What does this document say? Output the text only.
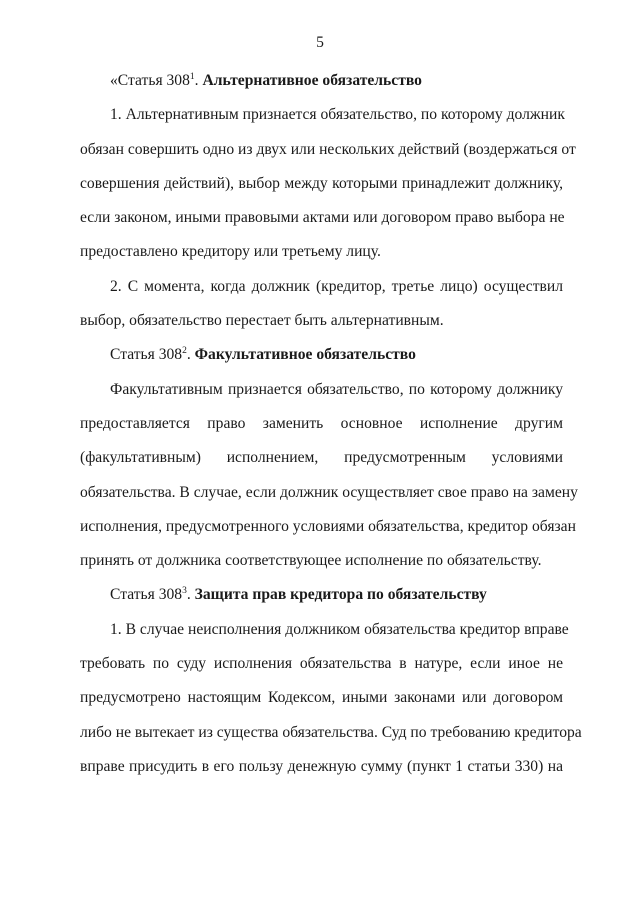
5
«Статья $308^1$. Альтернативное обязательство
1. Альтернативным признается обязательство, по которому должник
обязан совершить одно из двух или нескольких действий (воздержаться от
совершения действий), выбор между которыми принадлежит должнику,
если законом, иными правовыми актами или договором право выбора не
предоставлено кредитору или третьему лицу.
2. С момента, когда должник (кредитор, третье лицо) осуществил
выбор, обязательство перестает быть альтернативным.
Статья $308^2$. Факультативное обязательство
Факультативным признается обязательство, по которому должнику
предоставляется право заменить основное исполнение другим
(факультативным) исполнением, предусмотренным условиями
обязательства. В случае, если должник осуществляет свое право на замену
исполнения, предусмотренного условиями обязательства, кредитор обязан
принять от должника соответствующее исполнение по обязательству.
Статья $308^3$. Защита прав кредитора по обязательству
1. В случае неисполнения должником обязательства кредитор вправе
требовать по суду исполнения обязательства в натуре, если иное не
предусмотрено настоящим Кодексом, иными законами или договором
либо не вытекает из существа обязательства. Суд по требованию кредитора
вправе присудить в его пользу денежную сумму (пункт 1 статьи 330) на
